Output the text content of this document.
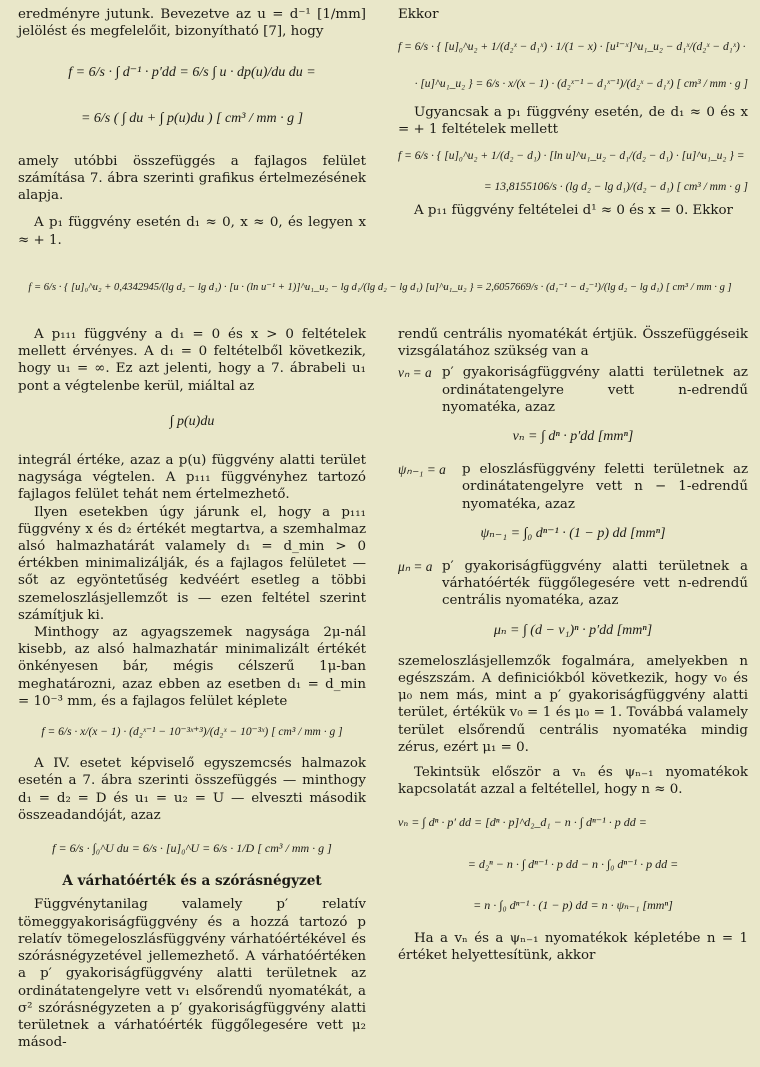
eredményre jutunk. Bevezetve az u = d⁻¹ [1/mm] jelölést és megfelelőit, bizonyítható [7], hogy

f = 6/s · ∫ d⁻¹ · p′dd = 6/s ∫ u · dp(u)/du du =
= 6/s ( ∫ du + ∫ p(u)du ) [ cm³ / mm · g ]

amely utóbbi összefüggés a fajlagos felület számítása 7. ábra szerinti grafikus értelmezésének alapja.

A p₁ függvény esetén d₁ ≈ 0, x ≈ 0, és legyen x ≈ + 1.

Ekkor

f = 6/s · { [u]₀^u₂ + 1/(d₂ˣ − d₁ˣ) · 1/(1 − x) · [u¹⁻ˣ]^u₁_u₂ − d₁ˣ/(d₂ˣ − d₁ˣ) ·
· [u]^u₁_u₂ } = 6/s · x/(x − 1) · (d₂ˣ⁻¹ − d₁ˣ⁻¹)/(d₂ˣ − d₁ˣ) [ cm³ / mm · g ]

Ugyancsak a p₁ függvény esetén, de d₁ ≈ 0 és x = + 1 feltételek mellett

f = 6/s · { [u]₀^u₂ + 1/(d₂ − d₁) · [ln u]^u₁_u₂ − d₁/(d₂ − d₁) · [u]^u₁_u₂ } =
= 13,8155106/s · (lg d₂ − lg d₁)/(d₂ − d₁) [ cm³ / mm · g ]

A p₁₁ függvény feltételei d¹ ≈ 0 és x = 0. Ekkor

f = 6/s · { [u]₀^u₂ + 0,4342945/(lg d₂ − lg d₁) · [u · (ln u⁻¹ + 1)]^u₁_u₂ − lg d₁/(lg d₂ − lg d₁) [u]^u₁_u₂ } = 2,6057669/s · (d₁⁻¹ − d₂⁻¹)/(lg d₂ − lg d₁) [ cm³ / mm · g ]

A p₁₁₁ függvény a d₁ = 0 és x > 0 feltételek mellett érvényes. A d₁ = 0 feltételből következik, hogy u₁ = ∞. Ez azt jelenti, hogy a 7. ábrabeli u₁ pont a végtelenbe kerül, miáltal az

∫ p(u)du

integrál értéke, azaz a p(u) függvény alatti terület nagysága végtelen. A p₁₁₁ függvényhez tartozó fajlagos felület tehát nem értelmezhető.

Ilyen esetekben úgy járunk el, hogy a p₁₁₁ függvény x és d₂ értékét megtartva, a szemhalmaz alsó halmazhatárát valamely d₁ = d_min > 0 értékben minimalizálják, és a fajlagos felületet — sőt az egyöntetűség kedvéért esetleg a többi szemeloszlásjellemzőt is — ezen feltétel szerint számítjuk ki.

Minthogy az agyagszemek nagysága 2μ-nál kisebb, az alsó halmazhatár minimalizált értékét önkényesen bár, mégis célszerű 1μ-ban meghatározni, azaz ebben az esetben d₁ = d_min = 10⁻³ mm, és a fajlagos felület képlete

f = 6/s · x/(x − 1) · (d₂ˣ⁻¹ − 10⁻³ˣ⁺³)/(d₂ˣ − 10⁻³ˣ) [ cm³ / mm · g ]

A IV. esetet képviselő egyszemcsés halmazok esetén a 7. ábra szerinti összefüggés — minthogy d₁ = d₂ = D és u₁ = u₂ = U — elveszti második összeadandóját, azaz

f = 6/s · ∫₀^U du = 6/s · [u]₀^U = 6/s · 1/D [ cm³ / mm · g ]
A várhatóérték és a szórásnégyzet

Függvénytanilag valamely p′ relatív tömeggyakoriságfüggvény és a hozzá tartozó p relatív tömegeloszlásfüggvény várhatóértékével és szórásnégyzetével jellemezhető. A várhatóértéken a p′ gyakoriságfüggvény alatti területnek az ordinátatengelyre vett v₁ elsőrendű nyomatékát, a σ² szórásnégyzeten a p′ gyakoriságfüggvény alatti területnek a várhatóérték függőlegesére vett μ₂ másod-

rendű centrális nyomatékát értjük. Összefüggéseik vizsgálatához szükség van a

vₙ = a p′ gyakoriságfüggvény alatti területnek az ordinátatengelyre vett n-edrendű nyomatéka, azaz
vₙ = ∫ dⁿ · p′dd [mmⁿ]
ψₙ₋₁ = a	p eloszlásfüggvény feletti területnek az ordinátatengelyre vett n − 1-edrendű nyomatéka, azaz
ψₙ₋₁ = ∫₀ dⁿ⁻¹ · (1 − p) dd [mmⁿ]
μₙ = a p′ gyakoriságfüggvény alatti területnek a várhatóérték függőlegesére vett n-edrendű centrális nyomatéka, azaz
μₙ = ∫ (d − v₁)ⁿ · p′dd [mmⁿ]

szemeloszlásjellemzők fogalmára, amelyekben n egészszám. A definiciókból következik, hogy v₀ és μ₀ nem más, mint a p′ gyakoriságfüggvény alatti terület, értékük v₀ = 1 és μ₀ = 1. Továbbá valamely terület elsőrendű centrális nyomatéka mindig zérus, ezért μ₁ = 0.

Tekintsük először a vₙ és ψₙ₋₁ nyomatékok kapcsolatát azzal a feltétellel, hogy n ≈ 0.

vₙ = ∫ dⁿ · p′ dd = [dⁿ · p]^d₂_d₁ − n · ∫ dⁿ⁻¹ · p dd =
= d₂ⁿ − n · ∫ dⁿ⁻¹ · p dd − n · ∫₀ dⁿ⁻¹ · p dd =
= n · ∫₀ dⁿ⁻¹ · (1 − p) dd = n · ψₙ₋₁ [mmⁿ]

Ha a vₙ és a ψₙ₋₁ nyomatékok képletébe n = 1 értéket helyettesítünk, akkor
